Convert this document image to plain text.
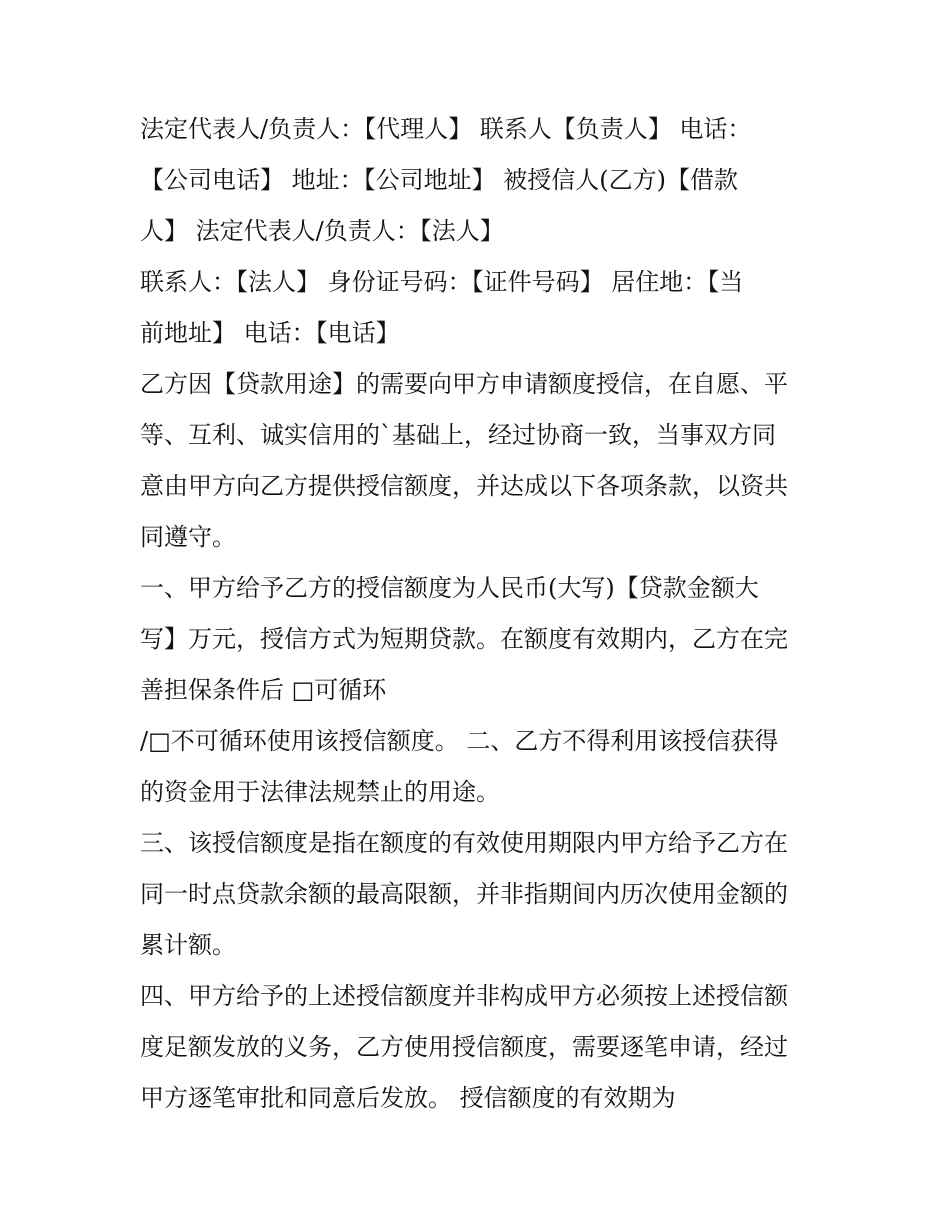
法定代表人/负责人：【代理人】 联系人【负责人】 电话：
【公司电话】 地址：【公司地址】 被授信人(乙方)【借款
人】 法定代表人/负责人：【法人】
联系人：【法人】 身份证号码：【证件号码】 居住地：【当
前地址】 电话：【电话】
乙方因【贷款用途】的需要向甲方申请额度授信，在自愿、平
等、互利、诚实信用的`基础上，经过协商一致，当事双方同
意由甲方向乙方提供授信额度，并达成以下各项条款，以资共
同遵守。
一、甲方给予乙方的授信额度为人民币(大写)【贷款金额大
写】万元，授信方式为短期贷款。在额度有效期内，乙方在完
善担保条件后 □可循环
/□不可循环使用该授信额度。 二、乙方不得利用该授信获得
的资金用于法律法规禁止的用途。
三、该授信额度是指在额度的有效使用期限内甲方给予乙方在
同一时点贷款余额的最高限额，并非指期间内历次使用金额的
累计额。
四、甲方给予的上述授信额度并非构成甲方必须按上述授信额
度足额发放的义务，乙方使用授信额度，需要逐笔申请，经过
甲方逐笔审批和同意后发放。 授信额度的有效期为
